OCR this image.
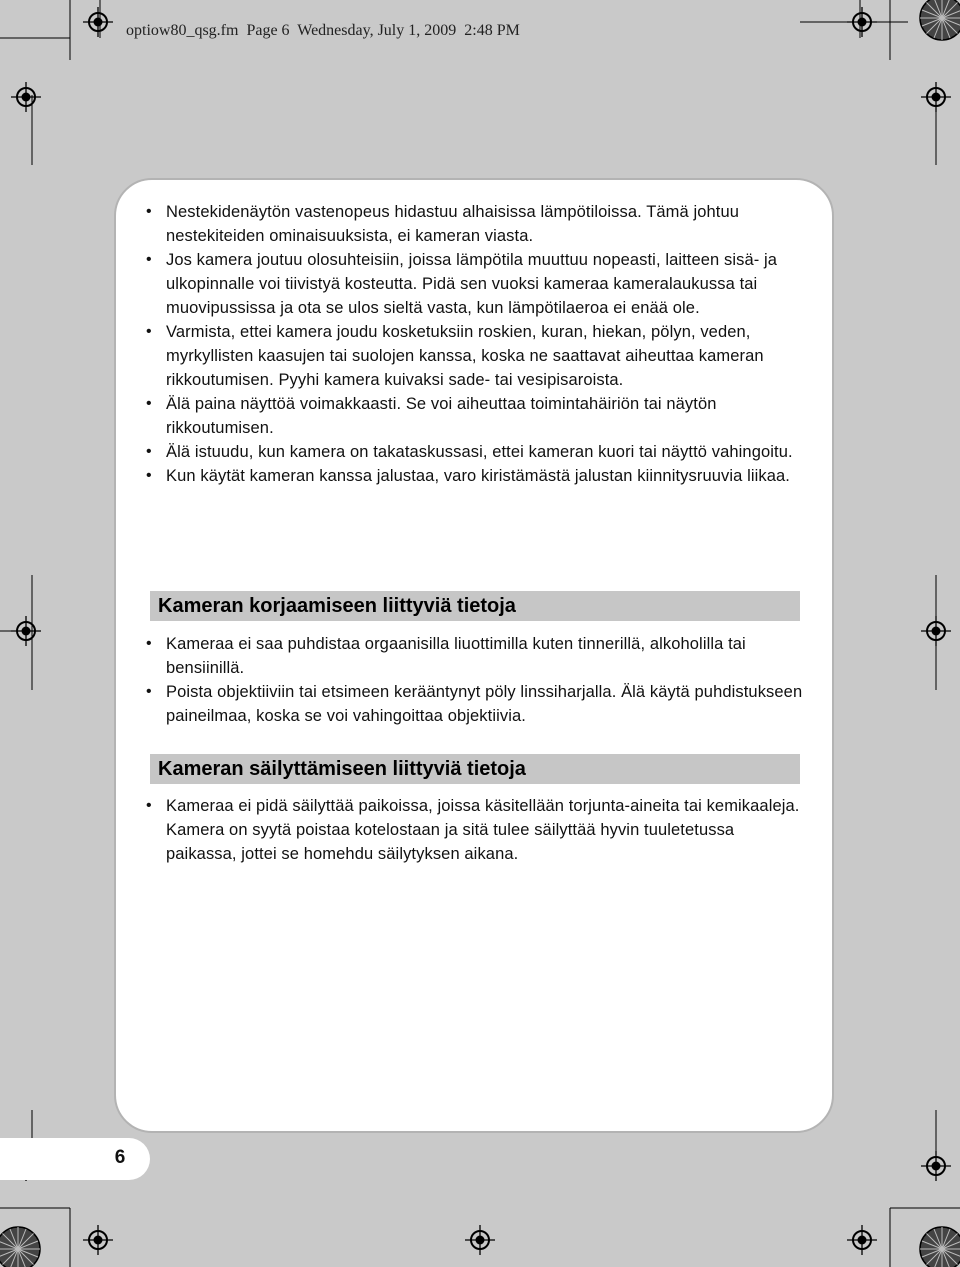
optiow80_qsg.fm  Page 6  Wednesday, July 1, 2009  2:48 PM
• Nestekidenäytön vastenopeus hidastuu alhaisissa lämpötiloissa. Tämä johtuu nestekiteiden ominaisuuksista, ei kameran viasta.
• Jos kamera joutuu olosuhteisiin, joissa lämpötila muuttuu nopeasti, laitteen sisä- ja ulkopinnalle voi tiivistyä kosteutta. Pidä sen vuoksi kameraa kameralaukussa tai muovipussissa ja ota se ulos sieltä vasta, kun lämpötilaeroa ei enää ole.
• Varmista, ettei kamera joudu kosketuksiin roskien, kuran, hiekan, pölyn, veden, myrkyllisten kaasujen tai suolojen kanssa, koska ne saattavat aiheuttaa kameran rikkoutumisen. Pyyhi kamera kuivaksi sade- tai vesipisaroista.
• Älä paina näyttöä voimakkaasti. Se voi aiheuttaa toimintahäiriön tai näytön rikkoutumisen.
• Älä istuudu, kun kamera on takataskussasi, ettei kameran kuori tai näyttö vahingoitu.
• Kun käytät kameran kanssa jalustaa, varo kiristämästä jalustan kiinnitysruuvia liikaa.
Kameran korjaamiseen liittyviä tietoja
• Kameraa ei saa puhdistaa orgaanisilla liuottimilla kuten tinnerillä, alkoholilla tai bensiinillä.
• Poista objektiiviin tai etsimeen kerääntynyt pöly linssiharjalla. Älä käytä puhdistukseen paineilmaa, koska se voi vahingoittaa objektiivia.
Kameran säilyttämiseen liittyviä tietoja
• Kameraa ei pidä säilyttää paikoissa, joissa käsitellään torjunta-aineita tai kemikaaleja. Kamera on syytä poistaa kotelostaan ja sitä tulee säilyttää hyvin tuuletetussa paikassa, jottei se homehdu säilytyksen aikana.
6
